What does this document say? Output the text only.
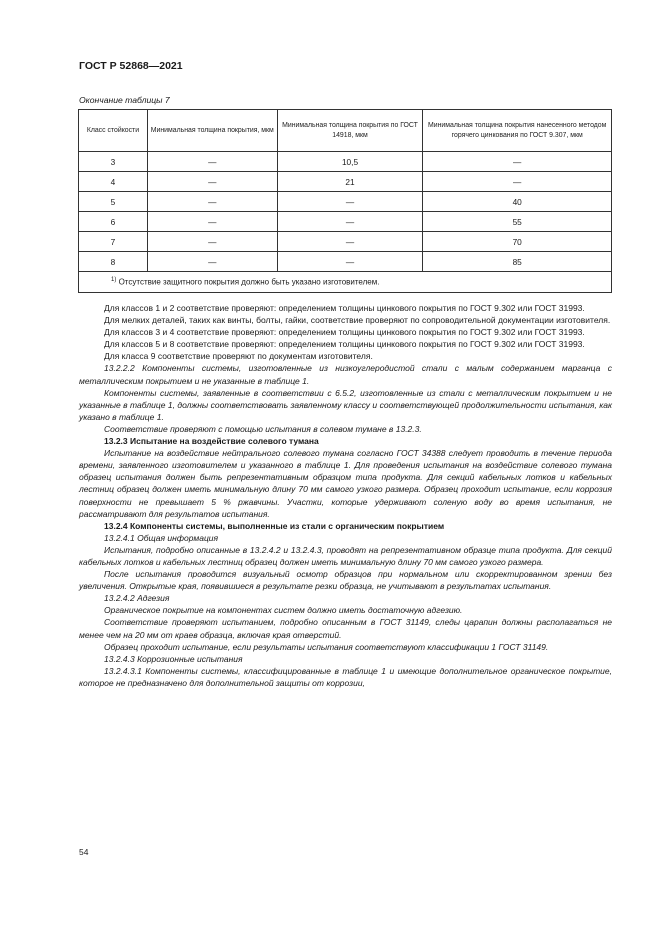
ГОСТ Р 52868—2021
Окончание таблицы 7
Класс стойкости	Минимальная толщина покрытия, мкм	Минимальная толщина покрытия по ГОСТ 14918, мкм	Минимальная толщина покрытия нанесенного методом горячего цинкования по ГОСТ 9.307, мкм
3	—	10,5	—
4	—	21	—
5	—	—	40
6	—	—	55
7	—	—	70
8	—	—	85
$^{1)}$ Отсутствие защитного покрытия должно быть указано изготовителем.			

Для классов 1 и 2 соответствие проверяют: определением толщины цинкового покрытия по ГОСТ 9.302 или ГОСТ 31993.

Для мелких деталей, таких как винты, болты, гайки, соответствие проверяют по сопроводительной документации изготовителя.

Для классов 3 и 4 соответствие проверяют: определением толщины цинкового покрытия по ГОСТ 9.302 или ГОСТ 31993.

Для классов 5 и 8 соответствие проверяют: определением толщины цинкового покрытия по ГОСТ 9.302 или ГОСТ 31993.

Для класса 9 соответствие проверяют по документам изготовителя.

13.2.2.2 Компоненты системы, изготовленные из низкоуглеродистой стали с малым содержанием марганца с металлическим покрытием и не указанные в таблице 1.

Компоненты системы, заявленные в соответствии с 6.5.2, изготовленные из стали с металлическим покрытием и не указанные в таблице 1, должны соответствовать заявленному классу и соответствующей продолжительности испытания, как указано в таблице 1.

Соответствие проверяют с помощью испытания в солевом тумане в 13.2.3.

13.2.3 Испытание на воздействие солевого тумана

Испытание на воздействие нейтрального солевого тумана согласно ГОСТ 34388 следует проводить в течение периода времени, заявленного изготовителем и указанного в таблице 1. Для проведения испытания на воздействие солевого тумана образец испытания должен быть репрезентативным образцом типа продукта. Для секций кабельных лотков и кабельных лестниц образец должен иметь минимальную длину 70 мм самого узкого размера. Образец проходит испытание, если коррозия поверхности не превышает 5 % ржавчины. Участки, которые удерживают соленую воду во время испытания, не рассматривают для результатов испытания.

13.2.4 Компоненты системы, выполненные из стали с органическим покрытием

13.2.4.1 Общая информация

Испытания, подробно описанные в 13.2.4.2 и 13.2.4.3, проводят на репрезентативном образце типа продукта. Для секций кабельных лотков и кабельных лестниц образец должен иметь минимальную длину 70 мм самого узкого размера.

После испытания проводится визуальный осмотр образцов при нормальном или скорректированном зрении без увеличения. Открытые края, появившиеся в результате резки образца, не учитывают в результатах испытания.

13.2.4.2 Адгезия

Органическое покрытие на компонентах систем должно иметь достаточную адгезию.

Соответствие проверяют испытанием, подробно описанным в ГОСТ 31149, следы царапин должны располагаться не менее чем на 20 мм от краев образца, включая края отверстий.

Образец проходит испытание, если результаты испытания соответствуют классификации 1 ГОСТ 31149.

13.2.4.3 Коррозионные испытания

13.2.4.3.1 Компоненты системы, классифицированные в таблице 1 и имеющие дополнительное органическое покрытие, которое не предназначено для дополнительной защиты от коррозии,

54
